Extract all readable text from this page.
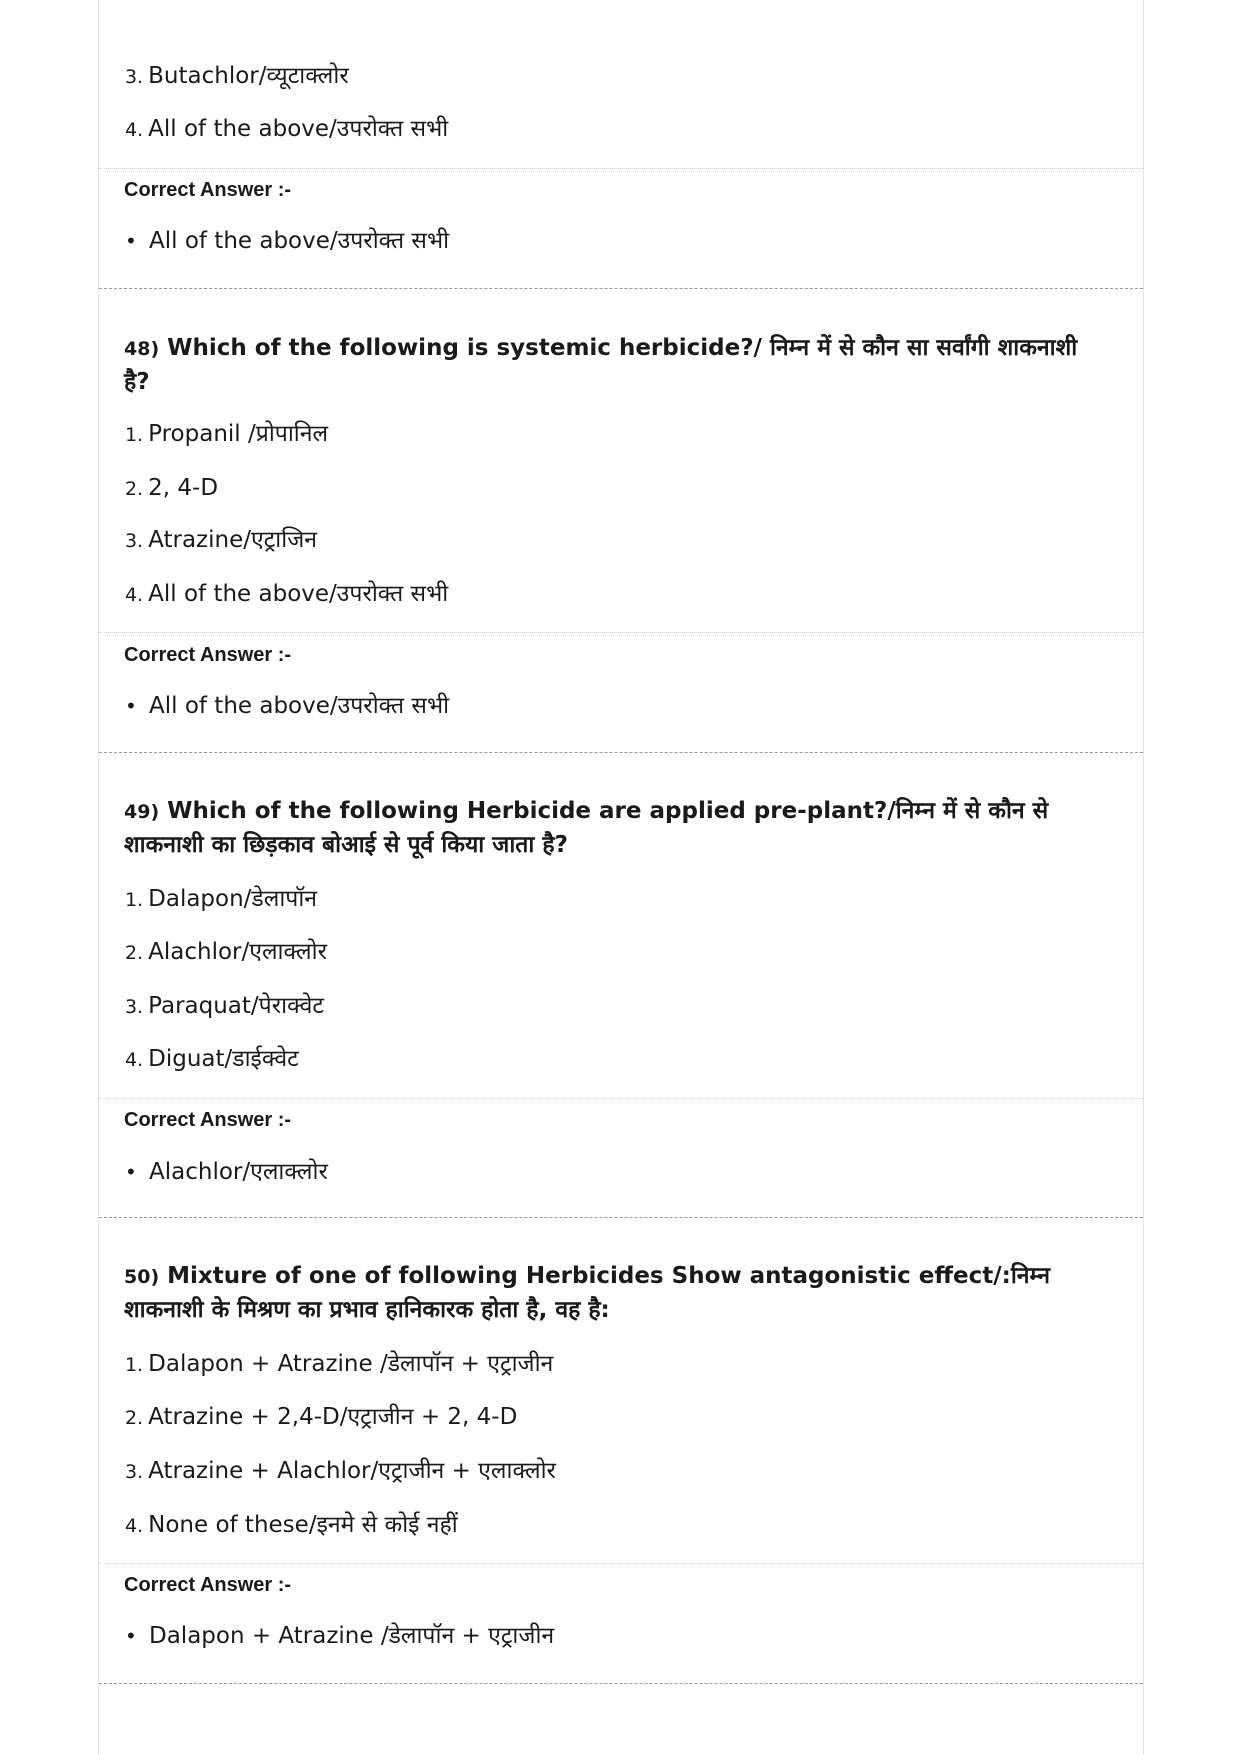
3. Butachlor/व्यूटाक्लोर
4. All of the above/उपरोक्त सभी
Correct Answer :-
• All of the above/उपरोक्त सभी
48) Which of the following is systemic herbicide?/ निम्न में से कौन सा सर्वांगी शाकनाशी है?
1. Propanil /प्रोपानिल
2. 2, 4-D
3. Atrazine/एट्राजिन
4. All of the above/उपरोक्त सभी
Correct Answer :-
• All of the above/उपरोक्त सभी
49) Which of the following Herbicide are applied pre-plant?/निम्न में से कौन से शाकनाशी का छिड़काव बोआई से पूर्व किया जाता है?
1. Dalapon/डेलापॉन
2. Alachlor/एलाक्लोर
3. Paraquat/पेराक्वेट
4. Diguat/डाईक्वेट
Correct Answer :-
• Alachlor/एलाक्लोर
50) Mixture of one of following Herbicides Show antagonistic effect/:निम्न शाकनाशी के मिश्रण का प्रभाव हानिकारक होता है, वह है:
1. Dalapon + Atrazine /डेलापॉन + एट्राजीन
2. Atrazine + 2,4-D/एट्राजीन + 2, 4-D
3. Atrazine + Alachlor/एट्राजीन + एलाक्लोर
4. None of these/इनमे से कोई नहीं
Correct Answer :-
• Dalapon + Atrazine /डेलापॉन + एट्राजीन
